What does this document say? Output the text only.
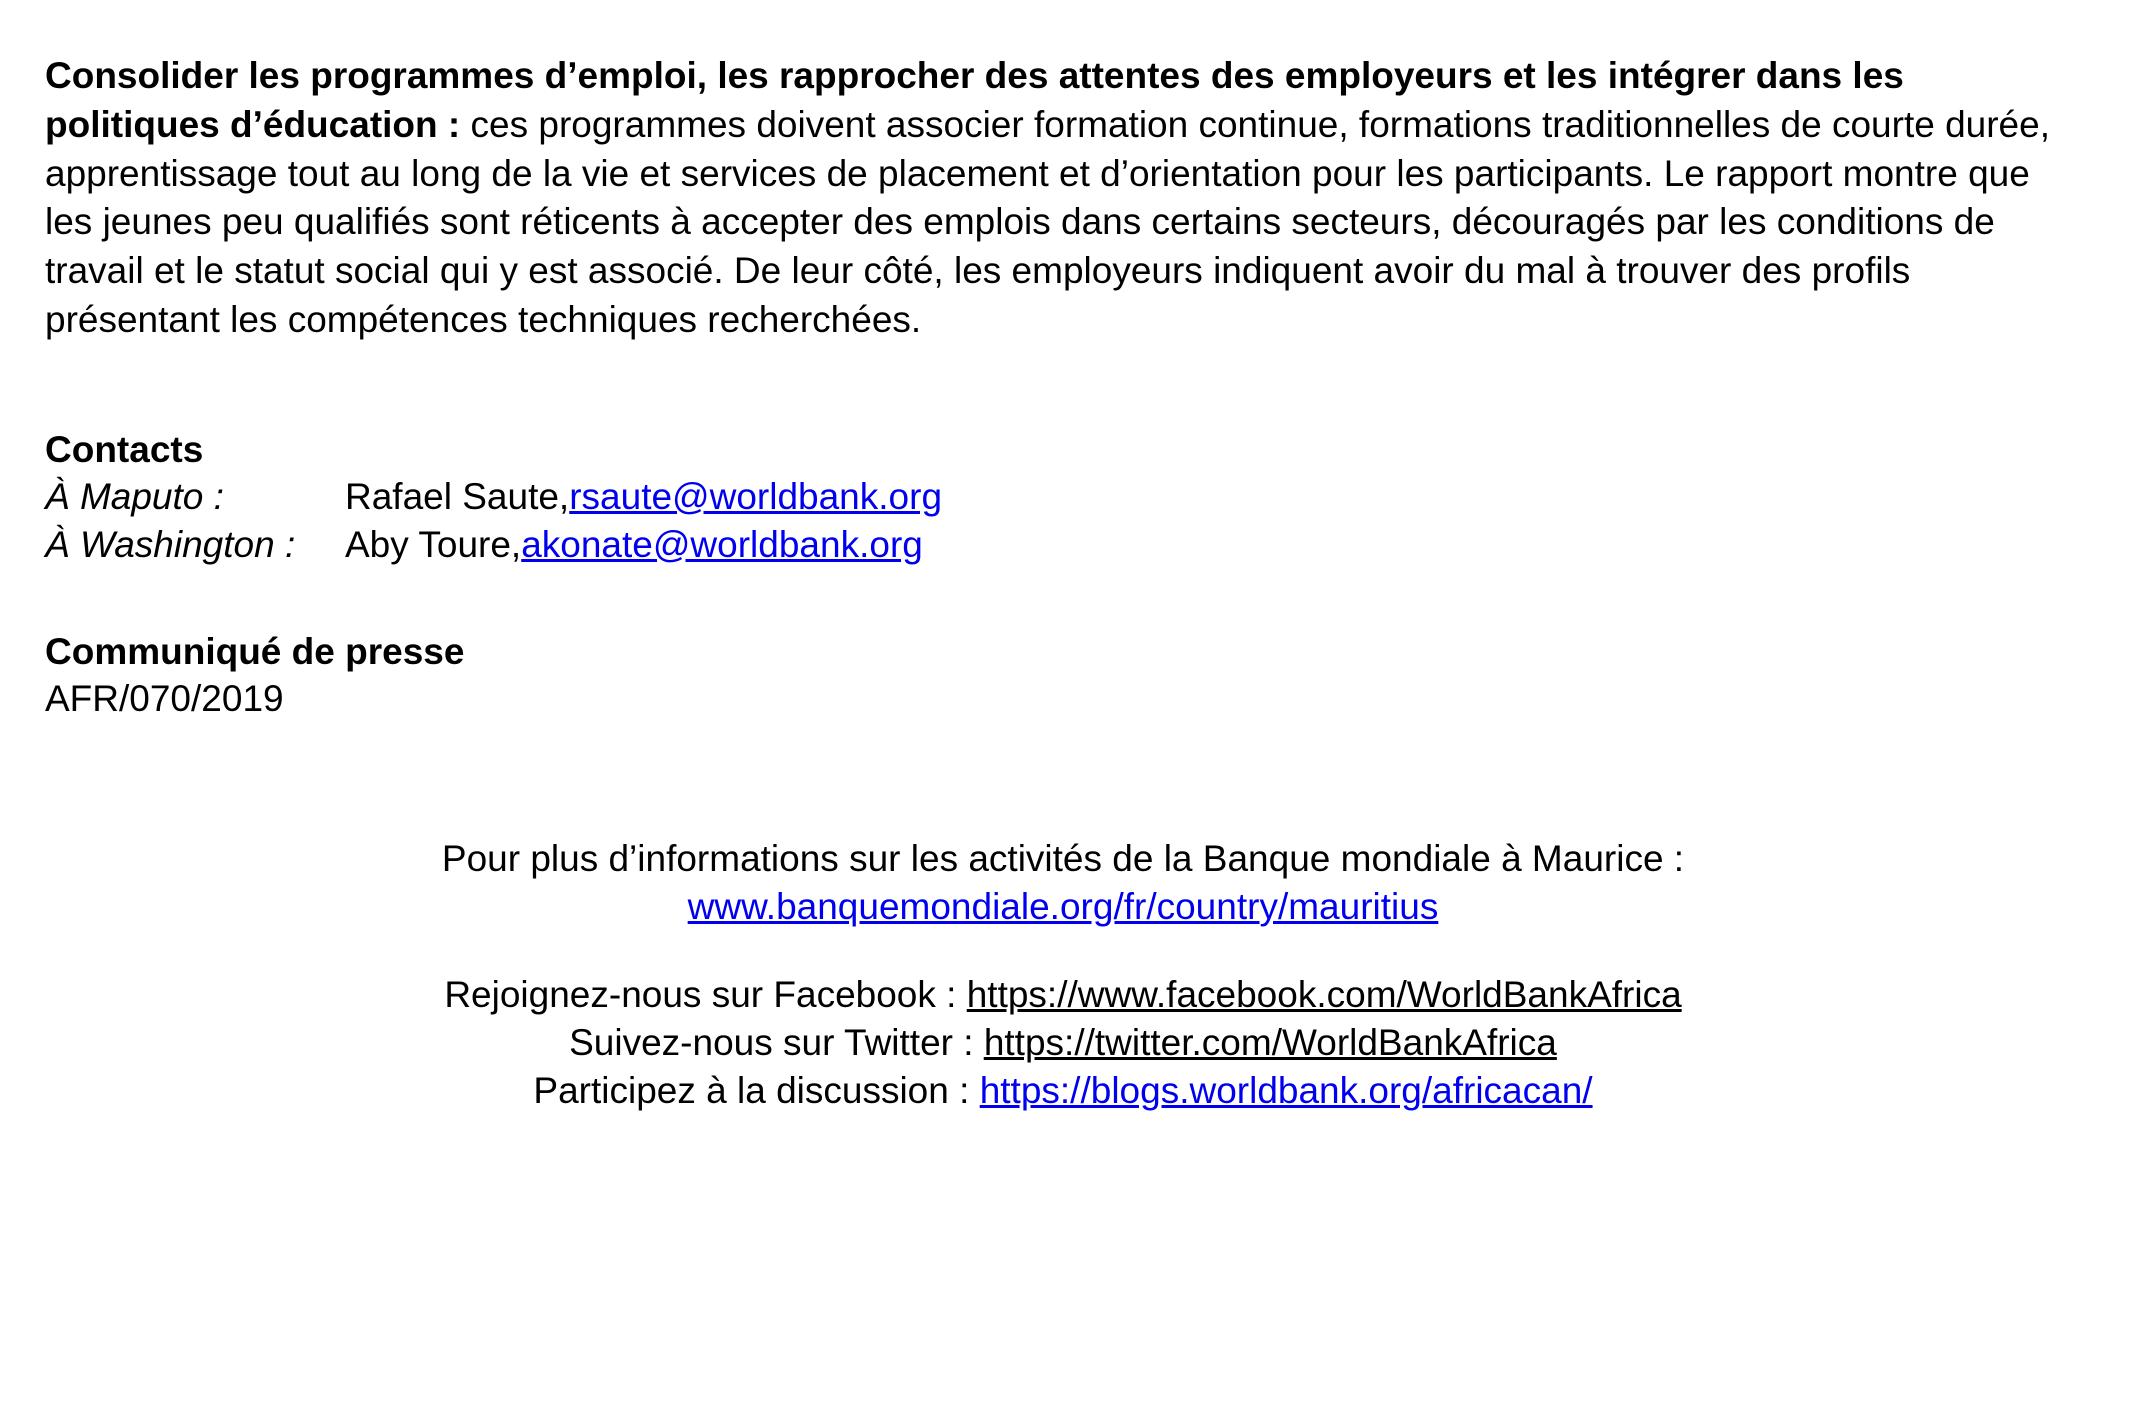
Consolider les programmes d’emploi, les rapprocher des attentes des employeurs et les intégrer dans les politiques d’éducation : ces programmes doivent associer formation continue, formations traditionnelles de courte durée, apprentissage tout au long de la vie et services de placement et d’orientation pour les participants. Le rapport montre que les jeunes peu qualifiés sont réticents à accepter des emplois dans certains secteurs, découragés par les conditions de travail et le statut social qui y est associé. De leur côté, les employeurs indiquent avoir du mal à trouver des profils présentant les compétences techniques recherchées.

Contacts

À Maputo :	Rafael Saute, rsaute@worldbank.org
À Washington :	Aby Toure, akonate@worldbank.org

Communiqué de presse

AFR/070/2019

Pour plus d’informations sur les activités de la Banque mondiale à Maurice :
www.banquemondiale.org/fr/country/mauritius
Rejoignez-nous sur Facebook : https://www.facebook.com/WorldBankAfrica
Suivez-nous sur Twitter : https://twitter.com/WorldBankAfrica
Participez à la discussion : https://blogs.worldbank.org/africacan/
